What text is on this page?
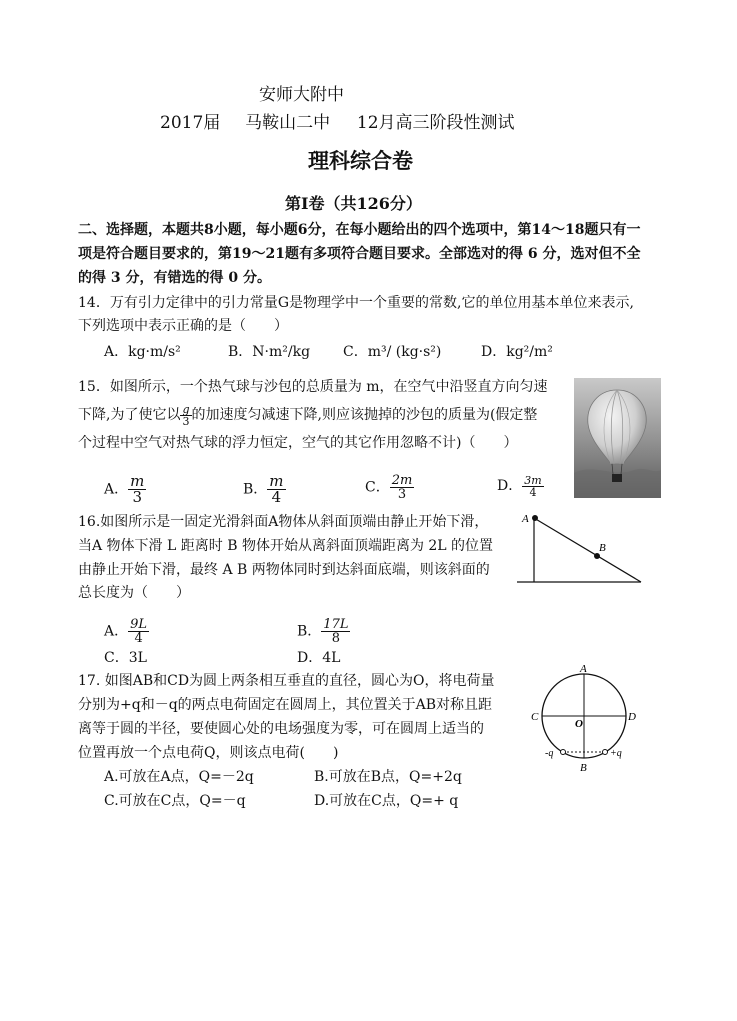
安师大附中
2017届 马鞍山二中 12月高三阶段性测试
理科综合卷
第Ⅰ卷（共126分）
二、选择题，本题共8小题，每小题6分，在每小题给出的四个选项中，第14～18题只有一
项是符合题目要求的，第19～21题有多项符合题目要求。全部选对的得 6 分，选对但不全
的得 3 分，有错选的得 0 分。
14．万有引力定律中的引力常量G是物理学中一个重要的常数,它的单位用基本单位来表示,
下列选项中表示正确的是（　　）
A．kg·m/s²	B．N·m²/kg C．m³/ (kg·s²)	D．kg²/m²
15．如图所示，一个热气球与沙包的总质量为 m，在空气中沿竖直方向匀速
下降,为了使它以 $\frac{g}{3}$ 的加速度匀减速下降,则应该抛掉的沙包的质量为(假定整
个过程中空气对热气球的浮力恒定，空气的其它作用忽略不计)（　　）
A． $\frac{m}{3}$	B． $\frac{m}{4}$	C． $\frac{2m}{3}$	D． $\frac{3m}{4}$
16.如图所示是一固定光滑斜面A物体从斜面顶端由静止开始下滑，
当A 物体下滑 L 距离时 B 物体开始从离斜面顶端距离为 2L 的位置
由静止开始下滑，最终 A B 两物体同时到达斜面底端，则该斜面的
总长度为（　　）
A． $\frac{9L}{4}$	B． $\frac{17L}{8}$
C．3L	D．4L
A
B
17. 如图AB和CD为圆上两条相互垂直的直径，圆心为O，将电荷量
分别为+q和－q的两点电荷固定在圆周上，其位置关于AB对称且距
离等于圆的半径，要使圆心处的电场强度为零，可在圆周上适当的
位置再放一个点电荷Q，则该点电荷(　　)
A.可放在A点，Q=－2q	B.可放在B点，Q=+2q
C.可放在C点，Q=－q	D.可放在C点，Q=+ q
A
B
C	D
O
-q	+q
